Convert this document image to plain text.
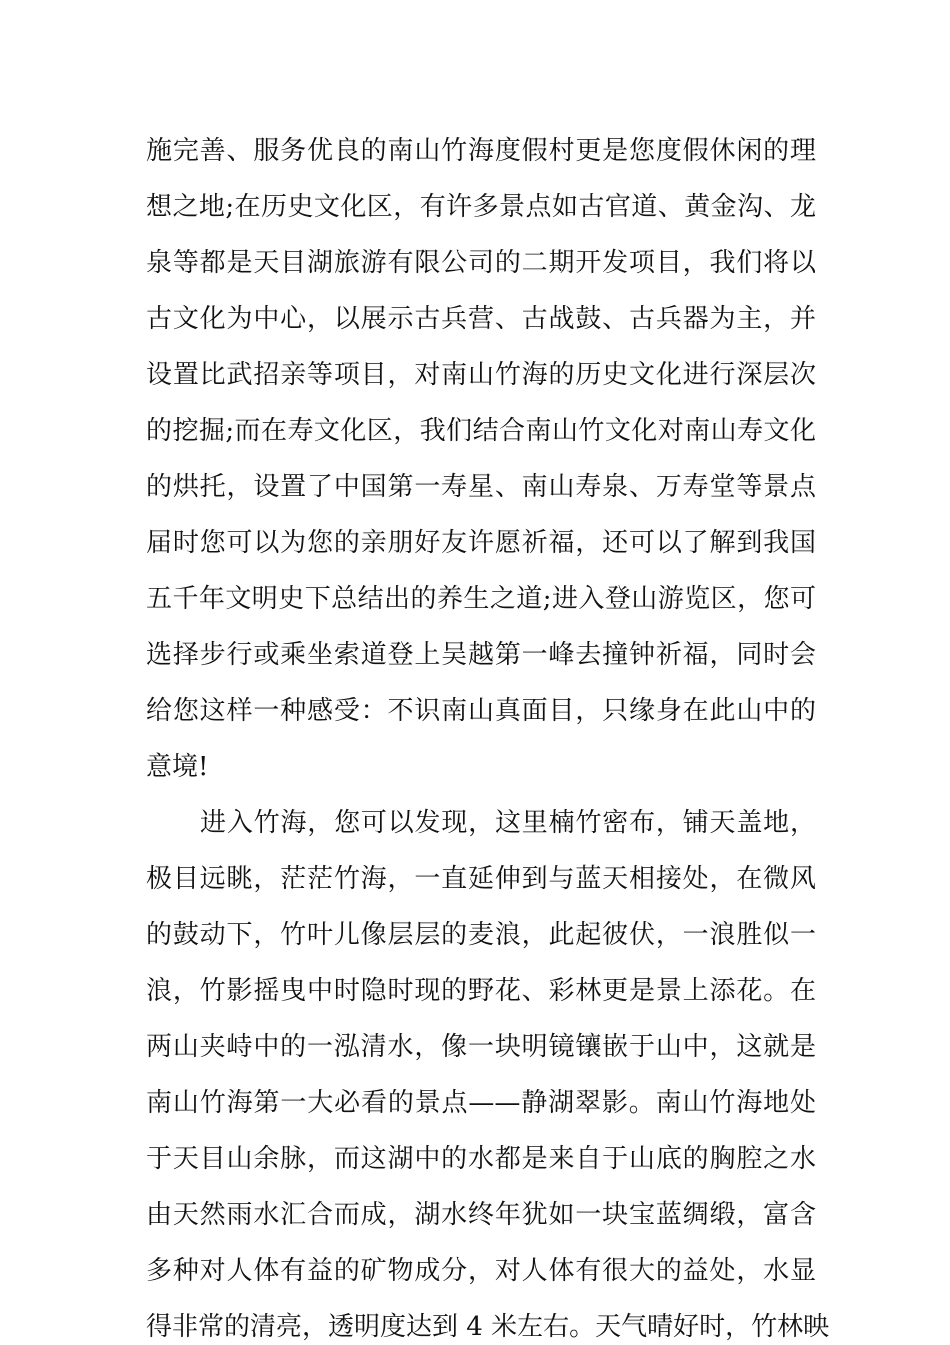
施完善、服务优良的南山竹海度假村更是您度假休闲的理
想之地;在历史文化区，有许多景点如古官道、黄金沟、龙
泉等都是天目湖旅游有限公司的二期开发项目，我们将以
古文化为中心，以展示古兵营、古战鼓、古兵器为主，并
设置比武招亲等项目，对南山竹海的历史文化进行深层次
的挖掘;而在寿文化区，我们结合南山竹文化对南山寿文化
的烘托，设置了中国第一寿星、南山寿泉、万寿堂等景点
届时您可以为您的亲朋好友许愿祈福，还可以了解到我国
五千年文明史下总结出的养生之道;进入登山游览区，您可
选择步行或乘坐索道登上吴越第一峰去撞钟祈福，同时会
给您这样一种感受：不识南山真面目，只缘身在此山中的
意境!
进入竹海，您可以发现，这里楠竹密布，铺天盖地，
极目远眺，茫茫竹海，一直延伸到与蓝天相接处，在微风
的鼓动下，竹叶儿像层层的麦浪，此起彼伏，一浪胜似一
浪，竹影摇曳中时隐时现的野花、彩林更是景上添花。在
两山夹峙中的一泓清水，像一块明镜镶嵌于山中，这就是
南山竹海第一大必看的景点——静湖翠影。南山竹海地处
于天目山余脉，而这湖中的水都是来自于山底的胸腔之水
由天然雨水汇合而成，湖水终年犹如一块宝蓝绸缎，富含
多种对人体有益的矿物成分，对人体有很大的益处，水显
得非常的清亮，透明度达到 4 米左右。天气晴好时，竹林映
